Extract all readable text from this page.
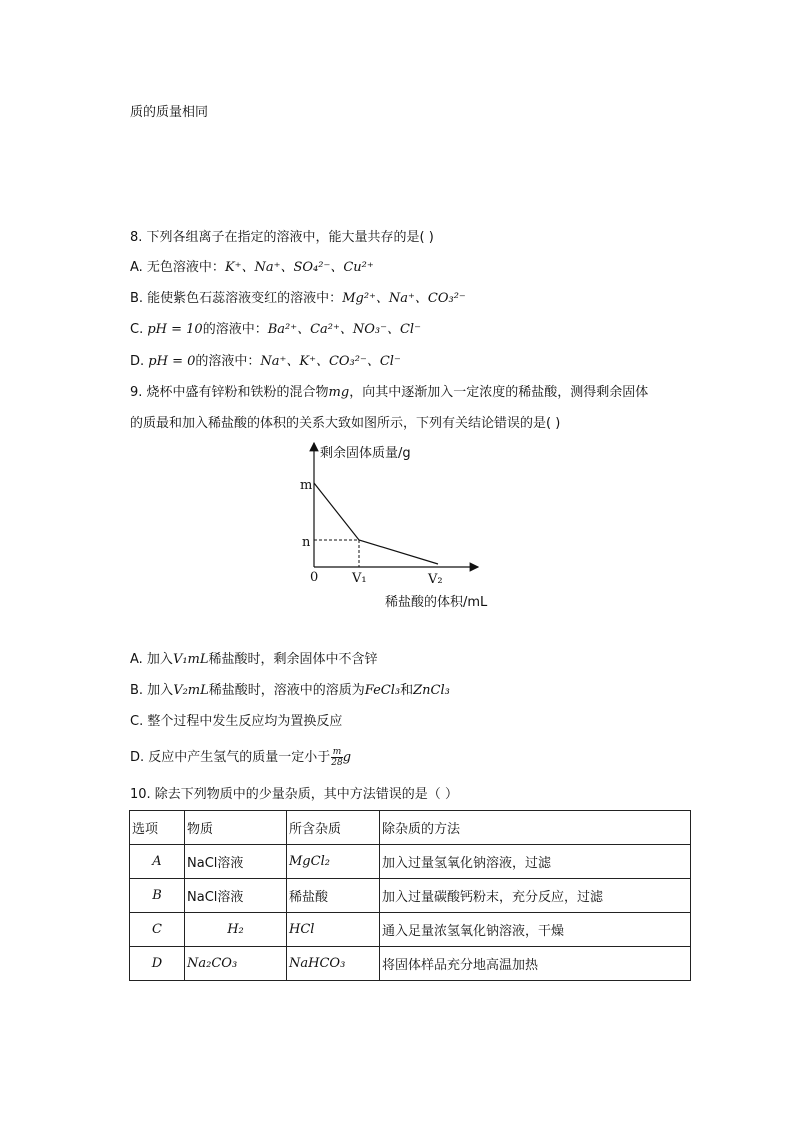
质的质量相同
8. 下列各组离子在指定的溶液中，能大量共存的是( )
A. 无色溶液中：K⁺、Na⁺、SO₄²⁻、Cu²⁺
B. 能使紫色石蕊溶液变红的溶液中：Mg²⁺、Na⁺、CO₃²⁻
C. pH = 10的溶液中：Ba²⁺、Ca²⁺、NO₃⁻、Cl⁻
D. pH = 0的溶液中：Na⁺、K⁺、CO₃²⁻、Cl⁻
9. 烧杯中盛有锌粉和铁粉的混合物mg，向其中逐渐加入一定浓度的稀盐酸，测得剩余固体
的质最和加入稀盐酸的体积的关系大致如图所示，下列有关结论错误的是( )
剩余固体质量/g
稀盐酸的体积/mL
0
m
n
V₁	V₂
A. 加入V₁mL稀盐酸时，剩余固体中不含锌
B. 加入V₂mL稀盐酸时，溶液中的溶质为FeCl₃和ZnCl₃
C. 整个过程中发生反应均为置换反应
D. 反应中产生氢气的质量一定小于 $\frac{m}{28}$ g
10. 除去下列物质中的少量杂质，其中方法错误的是（ ）
选项	物质	所含杂质	除杂质的方法
A	NaCl溶液	MgCl₂	加入过量氢氧化钠溶液，过滤
B	NaCl溶液	稀盐酸	加入过量碳酸钙粉末，充分反应，过滤
C	H₂	HCl	通入足量浓氢氧化钠溶液，干燥
D	Na₂CO₃	NaHCO₃	将固体样品充分地高温加热
